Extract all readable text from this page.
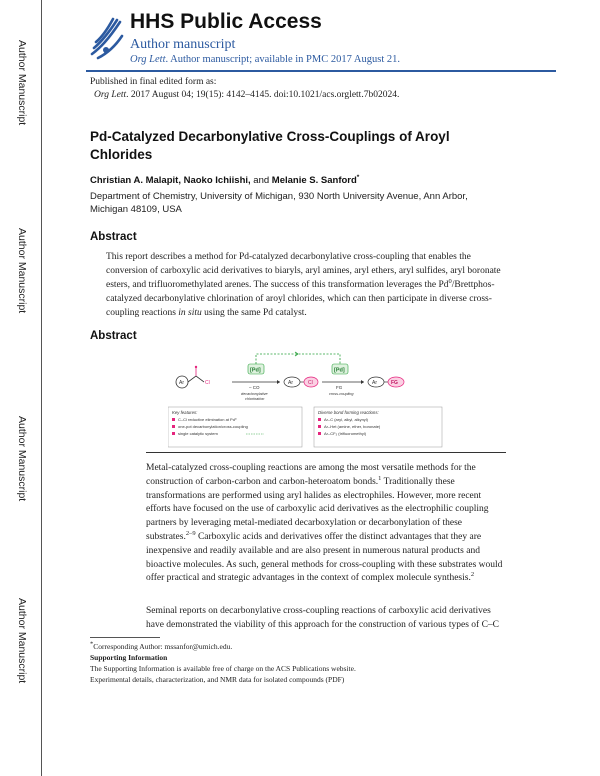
Author Manuscript
Author Manuscript
Author Manuscript
Author Manuscript
HHS Public Access
Author manuscript
Org Lett. Author manuscript; available in PMC 2017 August 21.
Published in final edited form as:
Org Lett. 2017 August 04; 19(15): 4142–4145. doi:10.1021/acs.orglett.7b02024.
Pd-Catalyzed Decarbonylative Cross-Couplings of Aroyl Chlorides
Christian A. Malapit, Naoko Ichiishi, and Melanie S. Sanford*
Department of Chemistry, University of Michigan, 930 North University Avenue, Ann Arbor, Michigan 48109, USA
Abstract
This report describes a method for Pd-catalyzed decarbonylative cross-coupling that enables the conversion of carboxylic acid derivatives to biaryls, aryl amines, aryl ethers, aryl sulfides, aryl boronate esters, and trifluoromethylated arenes. The success of this transformation leverages the Pd$^0$/Brettphos-catalyzed decarbonylative chlorination of aroyl chlorides, which can then participate in diverse cross-coupling reactions in situ using the same Pd catalyst.
Abstract
Ar	Cl
[Pd]
– CO
decarbonylative
chlorination
Ar	Cl
[Pd]
FG
cross-coupling
Ar	FG
Key features:
C–Cl reductive elimination at Pd⁰
one-pot decarbonylation/cross-coupling
single catalytic system
Diverse bond forming reactions:
Ar–C (aryl, alkyl, alkynyl)
Ar–Het (amine, ether, boronate)
Ar–CF₃ (trifluoromethyl)

Metal-catalyzed cross-coupling reactions are among the most versatile methods for the construction of carbon-carbon and carbon-heteroatom bonds.$^1$ Traditionally these transformations are performed using aryl halides as electrophiles. However, more recent efforts have focused on the use of carboxylic acid derivatives as the electrophilic coupling partners by leveraging metal-mediated decarboxylation or decarbonylation of these substrates.$^{2-9}$ Carboxylic acids and derivatives offer the distinct advantages that they are inexpensive and readily available and are also present in numerous natural products and bioactive molecules. As such, general methods for cross-coupling with these substrates would offer practical and strategic advantages in the context of complex molecule synthesis.$^2$

Seminal reports on decarbonylative cross-coupling reactions of carboxylic acid derivatives have demonstrated the viability of this approach for the construction of various types of C–C
*Corresponding Author: mssanfor@umich.edu.
Supporting Information
The Supporting Information is available free of charge on the ACS Publications website.
Experimental details, characterization, and NMR data for isolated compounds (PDF)
